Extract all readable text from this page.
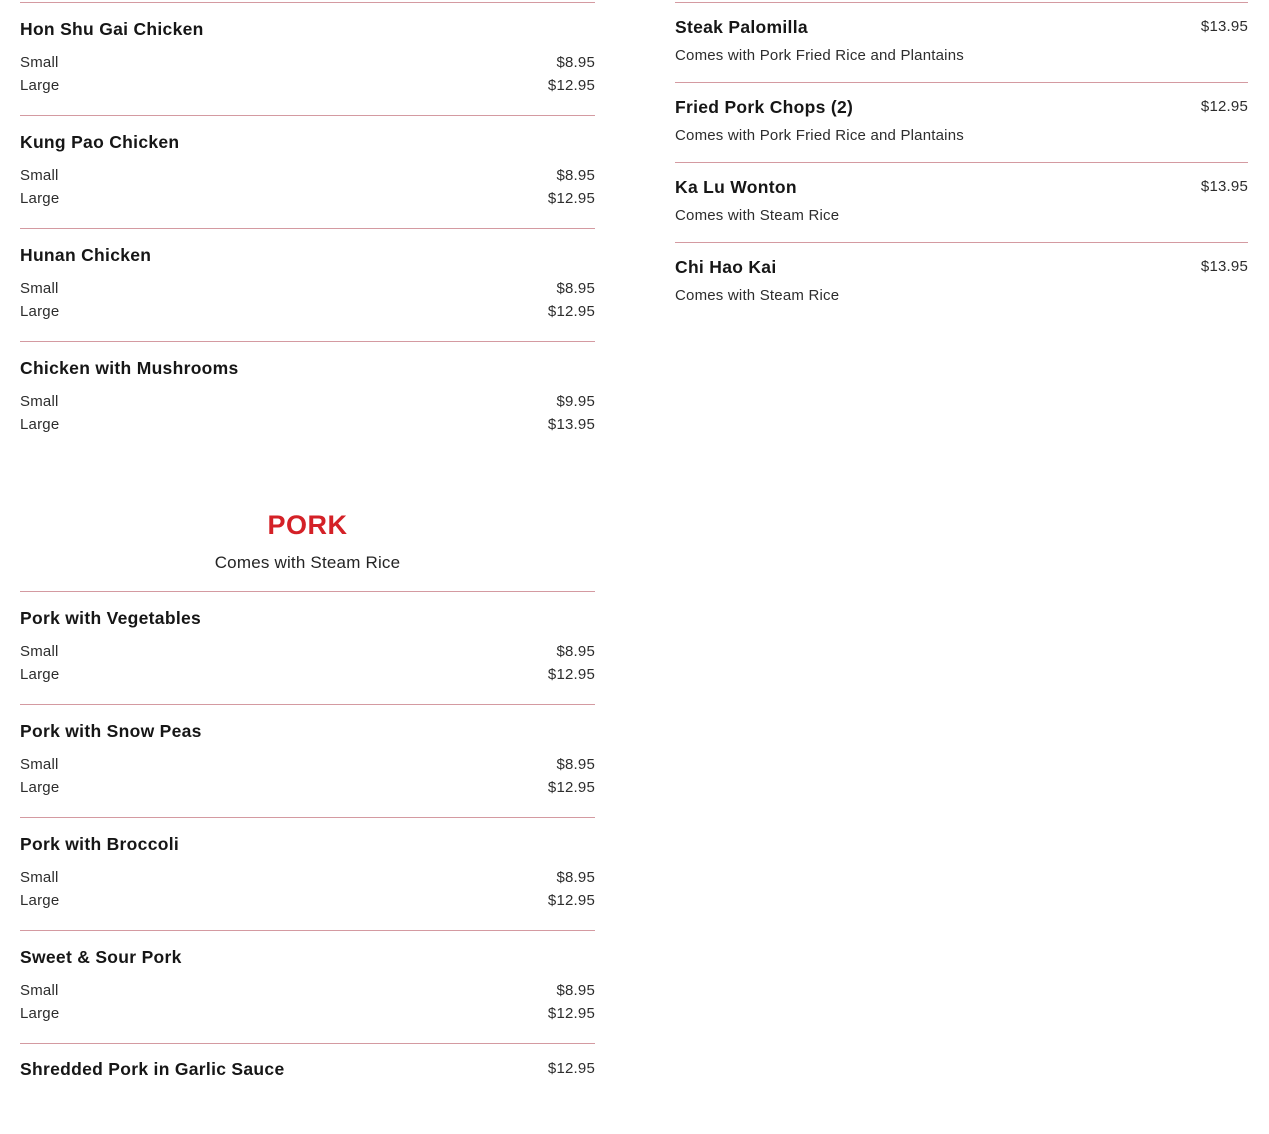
Hon Shu Gai Chicken
Small	$8.95
Large	$12.95
Kung Pao Chicken
Small	$8.95
Large	$12.95
Hunan Chicken
Small	$8.95
Large	$12.95
Chicken with Mushrooms
Small	$9.95
Large	$13.95
PORK

Comes with Steam Rice

Pork with Vegetables
Small	$8.95
Large	$12.95
Pork with Snow Peas
Small	$8.95
Large	$12.95
Pork with Broccoli
Small	$8.95
Large	$12.95
Sweet & Sour Pork
Small	$8.95
Large	$12.95
Shredded Pork in Garlic Sauce	$12.95
Steak Palomilla	$13.95

Comes with Pork Fried Rice and Plantains

Fried Pork Chops (2)	$12.95

Comes with Pork Fried Rice and Plantains

Ka Lu Wonton	$13.95

Comes with Steam Rice

Chi Hao Kai	$13.95

Comes with Steam Rice
